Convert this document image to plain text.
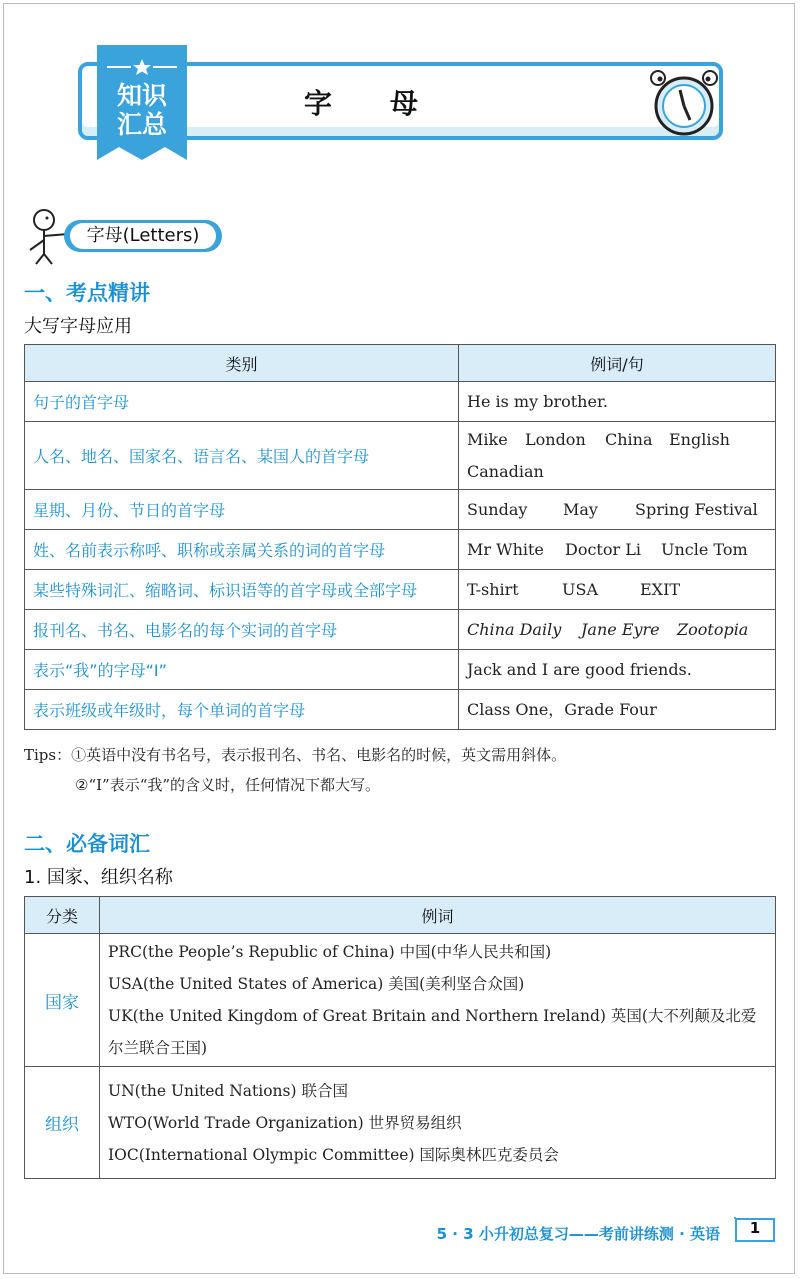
知识
汇总
字母
字母(Letters)
一、考点精讲
大写字母应用
类别	例词/句
句子的首字母	He is my brother.
人名、地名、国家名、语言名、某国人的首字母	Mike London China English
Canadian
星期、月份、节日的首字母	Sunday May Spring Festival
姓、名前表示称呼、职称或亲属关系的词的首字母	Mr White Doctor Li Uncle Tom
某些特殊词汇、缩略词、标识语等的首字母或全部字母	T-shirt USA EXIT
报刊名、书名、电影名的每个实词的首字母	China Daily Jane Eyre Zootopia
表示“我”的字母“I”	Jack and I are good friends.
表示班级或年级时，每个单词的首字母	Class One，Grade Four
Tips：①英语中没有书名号，表示报刊名、书名、电影名的时候，英文需用斜体。
②“I”表示“我”的含义时，任何情况下都大写。
二、必备词汇
1. 国家、组织名称
分类	例词
国家	PRC(the People’s Republic of China) 中国(中华人民共和国)
USA(the United States of America) 美国(美利坚合众国)
UK(the United Kingdom of Great Britain and Northern Ireland) 英国(大不列颠及北爱尔兰联合王国)

组织	UN(the United Nations) 联合国
WTO(World Trade Organization) 世界贸易组织
IOC(International Olympic Committee) 国际奥林匹克委员会
5 · 3 小升初总复习——考前讲练测 · 英语	1
